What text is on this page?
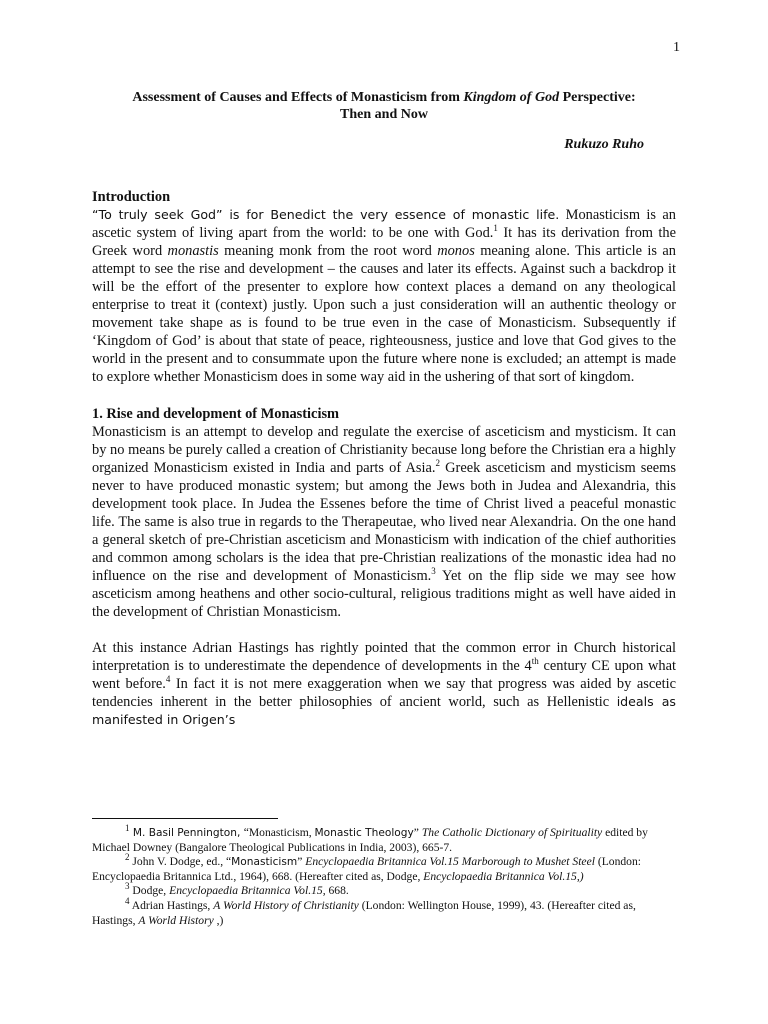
1
Assessment of Causes and Effects of Monasticism from Kingdom of God Perspective:
Then and Now
Rukuzo Ruho
Introduction
“To truly seek God” is for Benedict the very essence of monastic life. Monasticism is an ascetic system of living apart from the world: to be one with God.$^1$ It has its derivation from the Greek word monastis meaning monk from the root word monos meaning alone. This article is an attempt to see the rise and development – the causes and later its effects. Against such a backdrop it will be the effort of the presenter to explore how context places a demand on any theological enterprise to treat it (context) justly. Upon such a just consideration will an authentic theology or movement take shape as is found to be true even in the case of Monasticism. Subsequently if ‘Kingdom of God’ is about that state of peace, righteousness, justice and love that God gives to the world in the present and to consummate upon the future where none is excluded; an attempt is made to explore whether Monasticism does in some way aid in the ushering of that sort of kingdom.
1. Rise and development of Monasticism
Monasticism is an attempt to develop and regulate the exercise of asceticism and mysticism. It can by no means be purely called a creation of Christianity because long before the Christian era a highly organized Monasticism existed in India and parts of Asia.$^2$ Greek asceticism and mysticism seems never to have produced monastic system; but among the Jews both in Judea and Alexandria, this development took place. In Judea the Essenes before the time of Christ lived a peaceful monastic life. The same is also true in regards to the Therapeutae, who lived near Alexandria. On the one hand a general sketch of pre-Christian asceticism and Monasticism with indication of the chief authorities and common among scholars is the idea that pre-Christian realizations of the monastic idea had no influence on the rise and development of Monasticism.$^3$ Yet on the flip side we may see how asceticism among heathens and other socio-cultural, religious traditions might as well have aided in the development of Christian Monasticism.
At this instance Adrian Hastings has rightly pointed that the common error in Church historical interpretation is to underestimate the dependence of developments in the 4th century CE upon what went before.$^4$ In fact it is not mere exaggeration when we say that progress was aided by ascetic tendencies inherent in the better philosophies of ancient world, such as Hellenistic ideals as manifested in Origen’s

$^1$ M. Basil Pennington, “Monasticism, Monastic Theology” The Catholic Dictionary of Spirituality edited by Michael Downey (Bangalore Theological Publications in India, 2003), 665-7.

$^2$ John V. Dodge, ed., “Monasticism” Encyclopaedia Britannica Vol.15 Marborough to Mushet Steel (London: Encyclopaedia Britannica Ltd., 1964), 668. (Hereafter cited as, Dodge, Encyclopaedia Britannica Vol.15,)

$^3$ Dodge, Encyclopaedia Britannica Vol.15, 668.

$^4$ Adrian Hastings, A World History of Christianity (London: Wellington House, 1999), 43. (Hereafter cited as, Hastings, A World History ,)
